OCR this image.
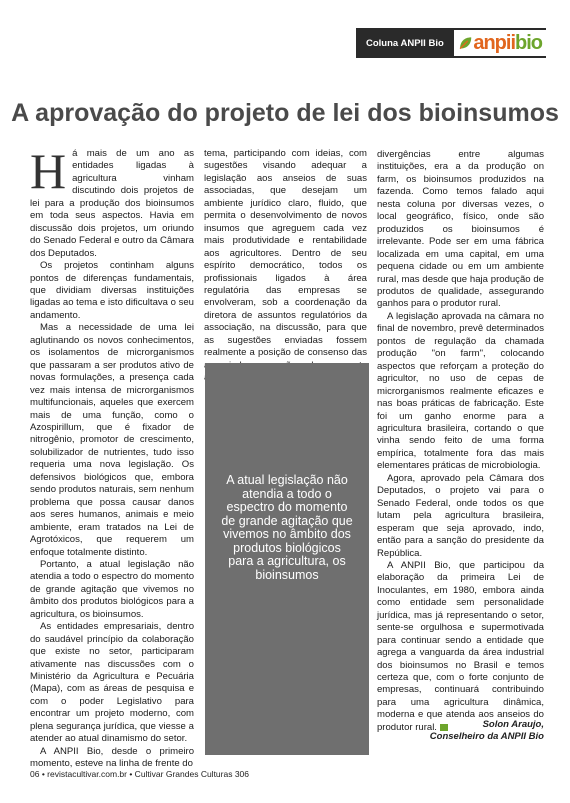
Coluna ANPII Bio	anpiibio
A aprovação do projeto de lei dos bioinsumos

Há mais de um ano as entidades ligadas à agricultura vinham discutindo dois projetos de lei para a produção dos bioinsumos em toda seus aspectos. Havia em discussão dois projetos, um oriundo do Senado Federal e outro da Câmara dos Deputados.

Os projetos continham alguns pontos de diferenças fundamentais, que dividiam diversas instituições ligadas ao tema e isto dificultava o seu andamento.

Mas a necessidade de uma lei aglutinando os novos conhecimentos, os isolamentos de microrganismos que passaram a ser produtos ativo de novas formulações, a presença cada vez mais intensa de microrganismos multifuncionais, aqueles que exercem mais de uma função, como o Azospirillum, que é fixador de nitrogênio, promotor de crescimento, solubilizador de nutrientes, tudo isso requeria uma nova legislação. Os defensivos biológicos que, embora sendo produtos naturais, sem nenhum problema que possa causar danos aos seres humanos, animais e meio ambiente, eram tratados na Lei de Agrotóxicos, que requerem um enfoque totalmente distinto.

Portanto, a atual legislação não atendia a todo o espectro do momento de grande agitação que vivemos no âmbito dos produtos biológicos para a agricultura, os bioinsumos.

As entidades empresariais, dentro do saudável princípio da colaboração que existe no setor, participaram ativamente nas discussões com o Ministério da Agricultura e Pecuária (Mapa), com as áreas de pesquisa e com o poder Legislativo para encontrar um projeto moderno, com plena segurança jurídica, que viesse a atender ao atual dinamismo do setor.

A ANPII Bio, desde o primeiro momento, esteve na linha de frente do

tema, participando com ideias, com sugestões visando adequar a legislação aos anseios de suas associadas, que desejam um ambiente jurídico claro, fluido, que permita o desenvolvimento de novos insumos que agreguem cada vez mais produtividade e rentabilidade aos agricultores. Dentro de seu espírito democrático, todos os profissionais ligados à área regulatória das empresas se envolveram, sob a coordenação da diretora de assuntos regulatórios da associação, na discussão, para que as sugestões enviadas fossem realmente a posição de consenso das

A atual legislação não atendia a todo o espectro do momento de grande agitação que vivemos no âmbito dos produtos biológicos para a agricultura, os bioinsumos

divergências entre algumas instituições, era a da produção on farm, os bioinsumos produzidos na fazenda. Como temos falado aqui nesta coluna por diversas vezes, o local geográfico, físico, onde são produzidos os bioinsumos é irrelevante. Pode ser em uma fábrica localizada em uma capital, em uma pequena cidade ou em um ambiente rural, mas desde que haja produção de produtos de qualidade, assegurando ganhos para o produtor rural.

A legislação aprovada na câmara no final de novembro, prevê determinados pontos de regulação da chamada produção "on farm", colocando aspectos que reforçam a proteção do agricultor, no uso de cepas de microrganismos realmente eficazes e nas boas práticas de fabricação. Este foi um ganho enorme para a agricultura brasileira, cortando o que vinha sendo feito de uma forma empírica, totalmente fora das mais elementares práticas de microbiologia.

Agora, aprovado pela Câmara dos Deputados, o projeto vai para o Senado Federal, onde todos os que lutam pela agricultura brasileira, esperam que seja aprovado, indo, então para a sanção do presidente da República.

A ANPII Bio, que participou da elaboração da primeira Lei de Inoculantes, em 1980, embora ainda como entidade sem personalidade jurídica, mas já representando o setor, sente-se orgulhosa e supermotivada para continuar sendo a entidade que agrega a vanguarda da área industrial dos bioinsumos no Brasil e temos certeza que, com o forte conjunto de empresas, continuará contribuindo para uma agricultura dinâmica, moderna e que atenda aos anseios do produtor rural.	Solon Araujo,
Conselheiro da ANPII Bio
06 • revistacultivar.com.br • Cultivar Grandes Culturas 306
